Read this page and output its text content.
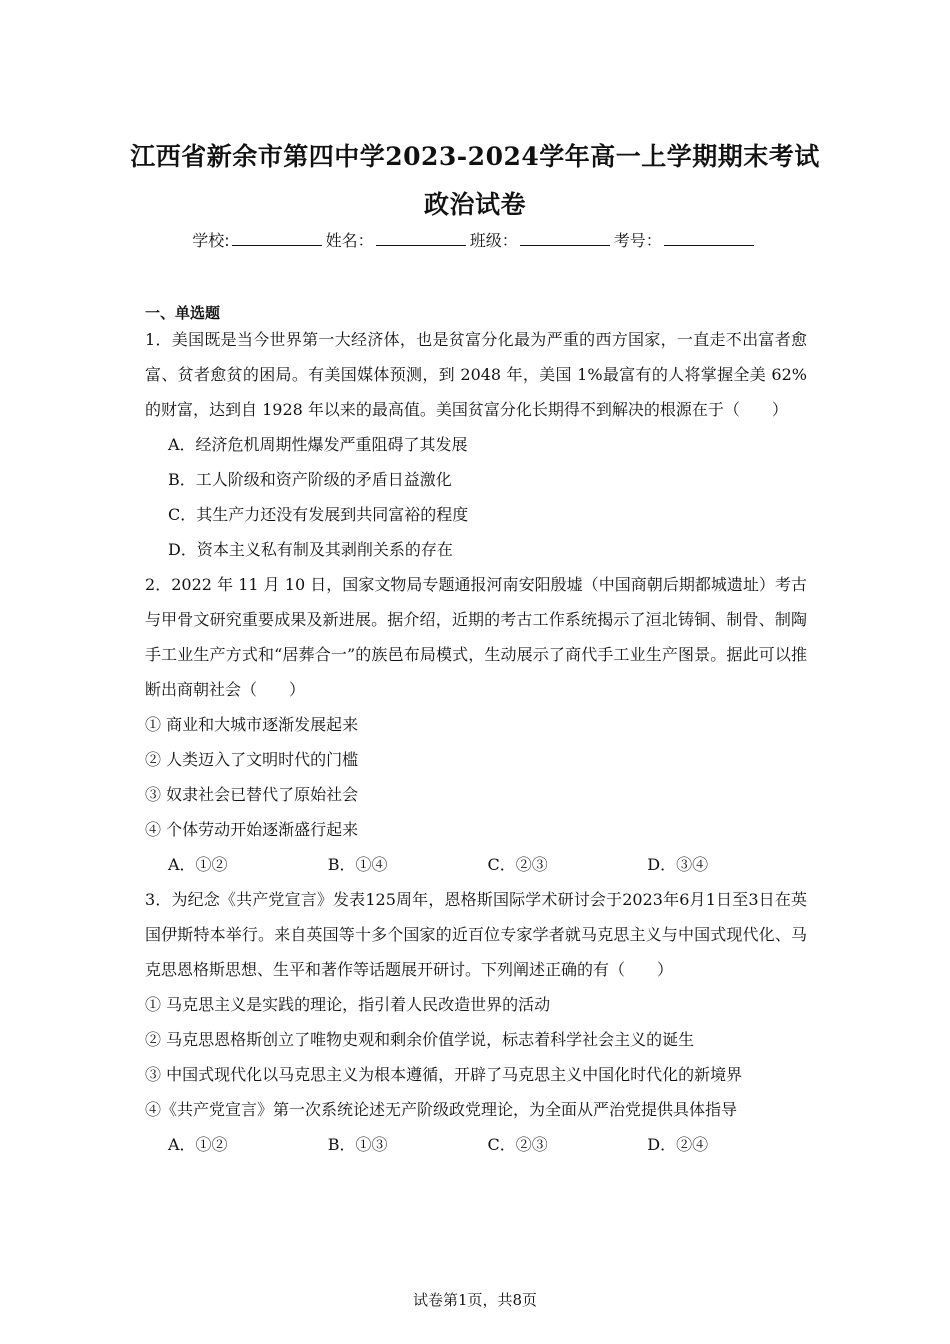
江西省新余市第四中学2023-2024学年高一上学期期末考试
政治试卷
学校:	姓名：	班级：	考号：
一、单选题
1．美国既是当今世界第一大经济体，也是贫富分化最为严重的西方国家，一直走不出富者愈富、贫者愈贫的困局。有美国媒体预测，到 2048 年，美国 1%最富有的人将掌握全美 62%的财富，达到自 1928 年以来的最高值。美国贫富分化长期得不到解决的根源在于（　　）
A．经济危机周期性爆发严重阻碍了其发展
B．工人阶级和资产阶级的矛盾日益激化
C．其生产力还没有发展到共同富裕的程度
D．资本主义私有制及其剥削关系的存在
2．2022 年 11 月 10 日，国家文物局专题通报河南安阳殷墟（中国商朝后期都城遗址）考古与甲骨文研究重要成果及新进展。据介绍，近期的考古工作系统揭示了洹北铸铜、制骨、制陶手工业生产方式和“居葬合一”的族邑布局模式，生动展示了商代手工业生产图景。据此可以推断出商朝社会（　　）
① 商业和大城市逐渐发展起来
② 人类迈入了文明时代的门槛
③ 奴隶社会已替代了原始社会
④ 个体劳动开始逐渐盛行起来
A．①②	B．①④	C．②③	D．③④
3．为纪念《共产党宣言》发表125周年，恩格斯国际学术研讨会于2023年6月1日至3日在英国伊斯特本举行。来自英国等十多个国家的近百位专家学者就马克思主义与中国式现代化、马克思恩格斯思想、生平和著作等话题展开研讨。下列阐述正确的有（　　）
① 马克思主义是实践的理论，指引着人民改造世界的活动
② 马克思恩格斯创立了唯物史观和剩余价值学说，标志着科学社会主义的诞生
③ 中国式现代化以马克思主义为根本遵循，开辟了马克思主义中国化时代化的新境界
④《共产党宣言》第一次系统论述无产阶级政党理论，为全面从严治党提供具体指导
A．①②	B．①③	C．②③	D．②④
试卷第1页，共8页
